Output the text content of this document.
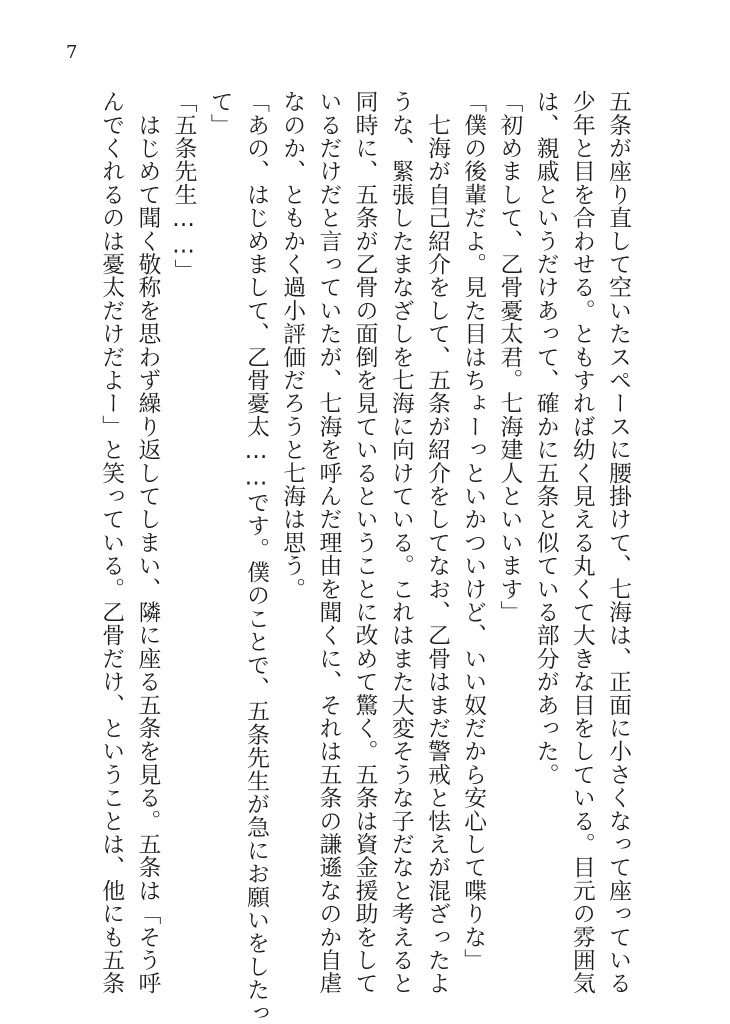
7
五条が座り直して空いたスペースに腰掛けて、七海は、正面に小さくなって座っている
少年と目を合わせる。ともすれば幼く見える丸くて大きな目をしている。目元の雰囲気
は、親戚というだけあって、確かに五条と似ている部分があった。
「初めまして、乙骨憂太君。七海建人といいます」
「僕の後輩だよ。見た目はちょーっといかついけど、いい奴だから安心して喋りな」
　七海が自己紹介をして、五条が紹介をしてなお、乙骨はまだ警戒と怯えが混ざったよ
うな、緊張したまなざしを七海に向けている。これはまた大変そうな子だなと考えると
同時に、五条が乙骨の面倒を見ているということに改めて驚く。五条は資金援助をして
いるだけだと言っていたが、七海を呼んだ理由を聞くに、それは五条の謙遜なのか自虐
なのか、ともかく過小評価だろうと七海は思う。
「あの、はじめまして、乙骨憂太……です。僕のことで、五条先生が急にお願いをしたっ
て」
「五条先生……」
　はじめて聞く敬称を思わず繰り返してしまい、隣に座る五条を見る。五条は「そう呼
んでくれるのは憂太だけだよー」と笑っている。乙骨だけ、ということは、他にも五条
